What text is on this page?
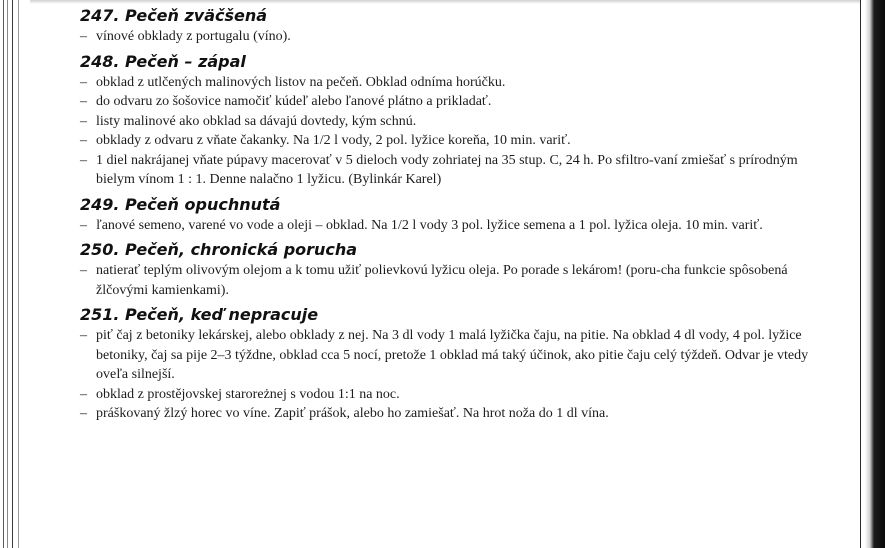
247. Pečeň zväčšená
– vínové obklady z portugalu (víno).
248. Pečeň – zápal
– obklad z utlčených malinových listov na pečeň. Obklad odníma horúčku.
– do odvaru zo šošovice namočiť kúdeľ alebo ľanové plátno a prikladať.
– listy malinové ako obklad sa dávajú dovtedy, kým schnú.
– obklady z odvaru z vňate čakanky. Na 1/2 l vody, 2 pol. lyžice koreňa, 10 min. variť.
– 1 diel nakrájanej vňate púpavy macerovať v 5 dieloch vody zohriatej na 35 stup. C, 24 h. Po sfiltro-vaní zmiešať s prírodným bielym vínom 1 : 1. Denne nalačno 1 lyžicu. (Bylinkár Karel)
249. Pečeň opuchnutá
– ľanové semeno, varené vo vode a oleji – obklad. Na 1/2 l vody 3 pol. lyžice semena a 1 pol. lyžica oleja. 10 min. variť.
250. Pečeň, chronická porucha
– natierať teplým olivovým olejom a k tomu užiť polievkovú lyžicu oleja. Po porade s lekárom! (poru-cha funkcie spôsobená žlčovými kamienkami).
251. Pečeň, keď nepracuje
– piť čaj z betoniky lekárskej, alebo obklady z nej. Na 3 dl vody 1 malá lyžička čaju, na pitie. Na obklad 4 dl vody, 4 pol. lyžice betoniky, čaj sa pije 2–3 týždne, obklad cca 5 nocí, pretože 1 obklad má taký účinok, ako pitie čaju celý týždeň. Odvar je vtedy oveľa silnejší.
– obklad z prostějovskej staroreżnej s vodou 1:1 na noc.
– práškovaný žlzý horec vo víne. Zapiť prášok, alebo ho zamiešať. Na hrot noža do 1 dl vína.
